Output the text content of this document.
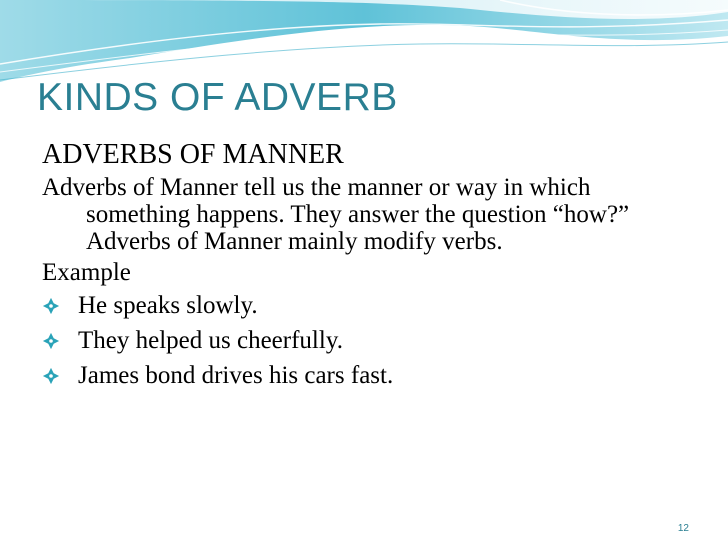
KINDS OF ADVERB
ADVERBS OF MANNER
Adverbs of Manner tell us the manner or way in which something happens. They answer the question “how?” Adverbs of Manner mainly modify verbs.
Example
He speaks slowly.
They helped us cheerfully.
James bond drives his cars fast.
12
